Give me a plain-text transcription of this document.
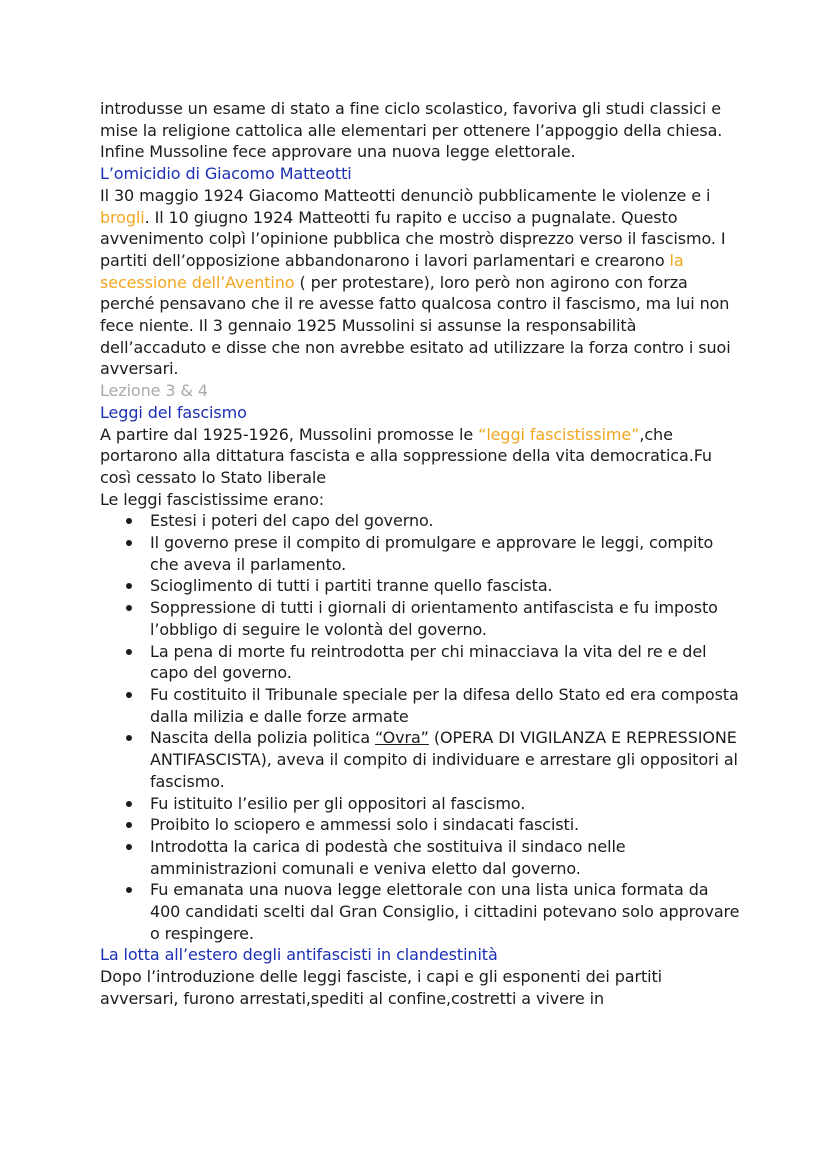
introdusse un esame di stato a fine ciclo scolastico, favoriva gli studi classici e mise la religione cattolica alle elementari per ottenere l’appoggio della chiesa. Infine Mussoline fece approvare una nuova legge elettorale.

L’omicidio di Giacomo Matteotti

Il 30 maggio 1924 Giacomo Matteotti denunciò pubblicamente le violenze e i brogli. Il 10 giugno 1924 Matteotti fu rapito e ucciso a pugnalate. Questo avvenimento colpì l’opinione pubblica che mostrò disprezzo verso il fascismo. I partiti dell’opposizione abbandonarono i lavori parlamentari e crearono la secessione dell’Aventino ( per protestare), loro però non agirono con forza perché pensavano che il re avesse fatto qualcosa contro il fascismo, ma lui non fece niente. Il 3 gennaio 1925 Mussolini si assunse la responsabilità dell’accaduto e disse che non avrebbe esitato ad utilizzare la forza contro i suoi avversari.

Lezione 3 & 4

Leggi del fascismo

A partire dal 1925-1926, Mussolini promosse le “leggi fascistissime”,che portarono alla dittatura fascista e alla soppressione della vita democratica.Fu così cessato lo Stato liberale

Le leggi fascistissime erano:

Estesi i poteri del capo del governo.
Il governo prese il compito di promulgare e approvare le leggi, compito che aveva il parlamento.
Scioglimento di tutti i partiti tranne quello fascista.
Soppressione di tutti i giornali di orientamento antifascista e fu imposto l’obbligo di seguire le volontà del governo.
La pena di morte fu reintrodotta per chi minacciava la vita del re e del capo del governo.
Fu costituito il Tribunale speciale per la difesa dello Stato ed era composta dalla milizia e dalle forze armate
Nascita della polizia politica “Ovra” (OPERA DI VIGILANZA E REPRESSIONE ANTIFASCISTA), aveva il compito di individuare e arrestare gli oppositori al fascismo.
Fu istituito l’esilio per gli oppositori al fascismo.
Proibito lo sciopero e ammessi solo i sindacati fascisti.
Introdotta la carica di podestà che sostituiva il sindaco nelle amministrazioni comunali e veniva eletto dal governo.
Fu emanata una nuova legge elettorale con una lista unica formata da 400 candidati scelti dal Gran Consiglio, i cittadini potevano solo approvare o respingere.

La lotta all’estero degli antifascisti in clandestinità

Dopo l’introduzione delle leggi fasciste, i capi e gli esponenti dei partiti avversari, furono arrestati,spediti al confine,costretti a vivere in
